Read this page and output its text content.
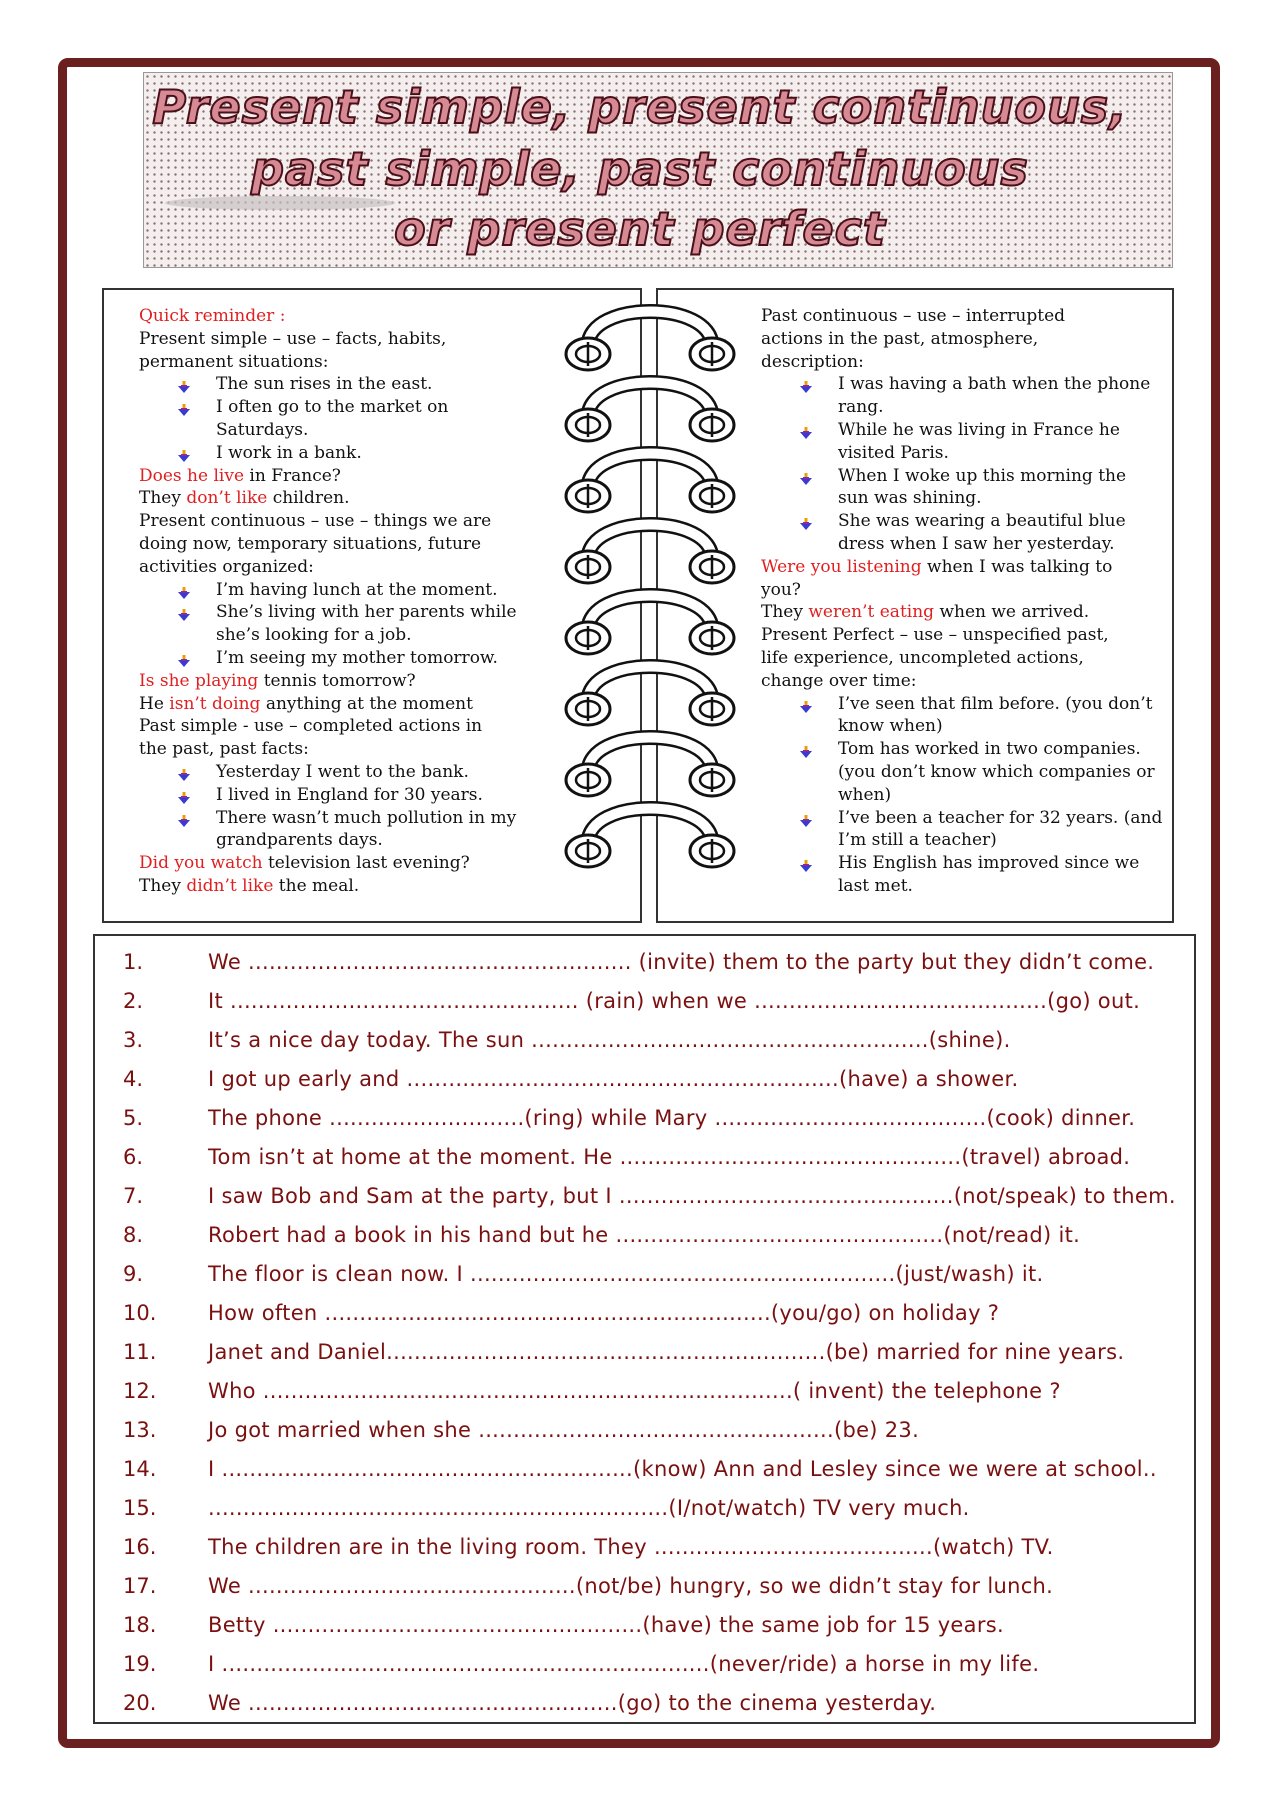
Present simple, present continuous,
past simple, past continuous
or present perfect
Quick reminder :
Present simple – use – facts, habits,
permanent situations:
The sun rises in the east.
I often go to the market on
Saturdays.
I work in a bank.
Does he live in France?
They don’t like children.
Present continuous – use – things we are
doing now, temporary situations, future
activities organized:
I’m having lunch at the moment.
She’s living with her parents while
she’s looking for a job.
I’m seeing my mother tomorrow.
Is she playing tennis tomorrow?
He isn’t doing anything at the moment
Past simple - use – completed actions in
the past, past facts:
Yesterday I went to the bank.
I lived in England for 30 years.
There wasn’t much pollution in my
grandparents days.
Did you watch television last evening?
They didn’t like the meal.
Past continuous – use – interrupted
actions in the past, atmosphere,
description:
I was having a bath when the phone
rang.
While he was living in France he
visited Paris.
When I woke up this morning the
sun was shining.
She was wearing a beautiful blue
dress when I saw her yesterday.
Were you listening when I was talking to
you?
They weren’t eating when we arrived.
Present Perfect – use – unspecified past,
life experience, uncompleted actions,
change over time:
I’ve seen that film before. (you don’t
know when)
Tom has worked in two companies.
(you don’t know which companies or
when)
I’ve been a teacher for 32 years. (and
I’m still a teacher)
His English has improved since we
last met.
1.	We ....................................................... (invite) them to the party but they didn’t come.
2.	It .................................................. (rain) when we ..........................................(go) out.
3.	It’s a nice day today. The sun .........................................................(shine).
4.	I got up early and ..............................................................(have) a shower.
5.	The phone ............................(ring) while Mary .......................................(cook) dinner.
6.	Tom isn’t at home at the moment. He .................................................(travel) abroad.
7.	I saw Bob and Sam at the party, but I ................................................(not/speak) to them.
8.	Robert had a book in his hand but he ...............................................(not/read) it.
9.	The floor is clean now. I .............................................................(just/wash) it.
10. How often ................................................................(you/go) on holiday ?
11. Janet and Daniel...............................................................(be) married for nine years.
12. Who ............................................................................( invent) the telephone ?
13. Jo got married when she ...................................................(be) 23.
14. I ...........................................................(know) Ann and Lesley since we were at school..
15. ..................................................................(I/not/watch) TV very much.
16. The children are in the living room. They ........................................(watch) TV.
17. We ...............................................(not/be) hungry, so we didn’t stay for lunch.
18. Betty .....................................................(have) the same job for 15 years.
19. I ......................................................................(never/ride) a horse in my life.
20. We .....................................................(go) to the cinema yesterday.
